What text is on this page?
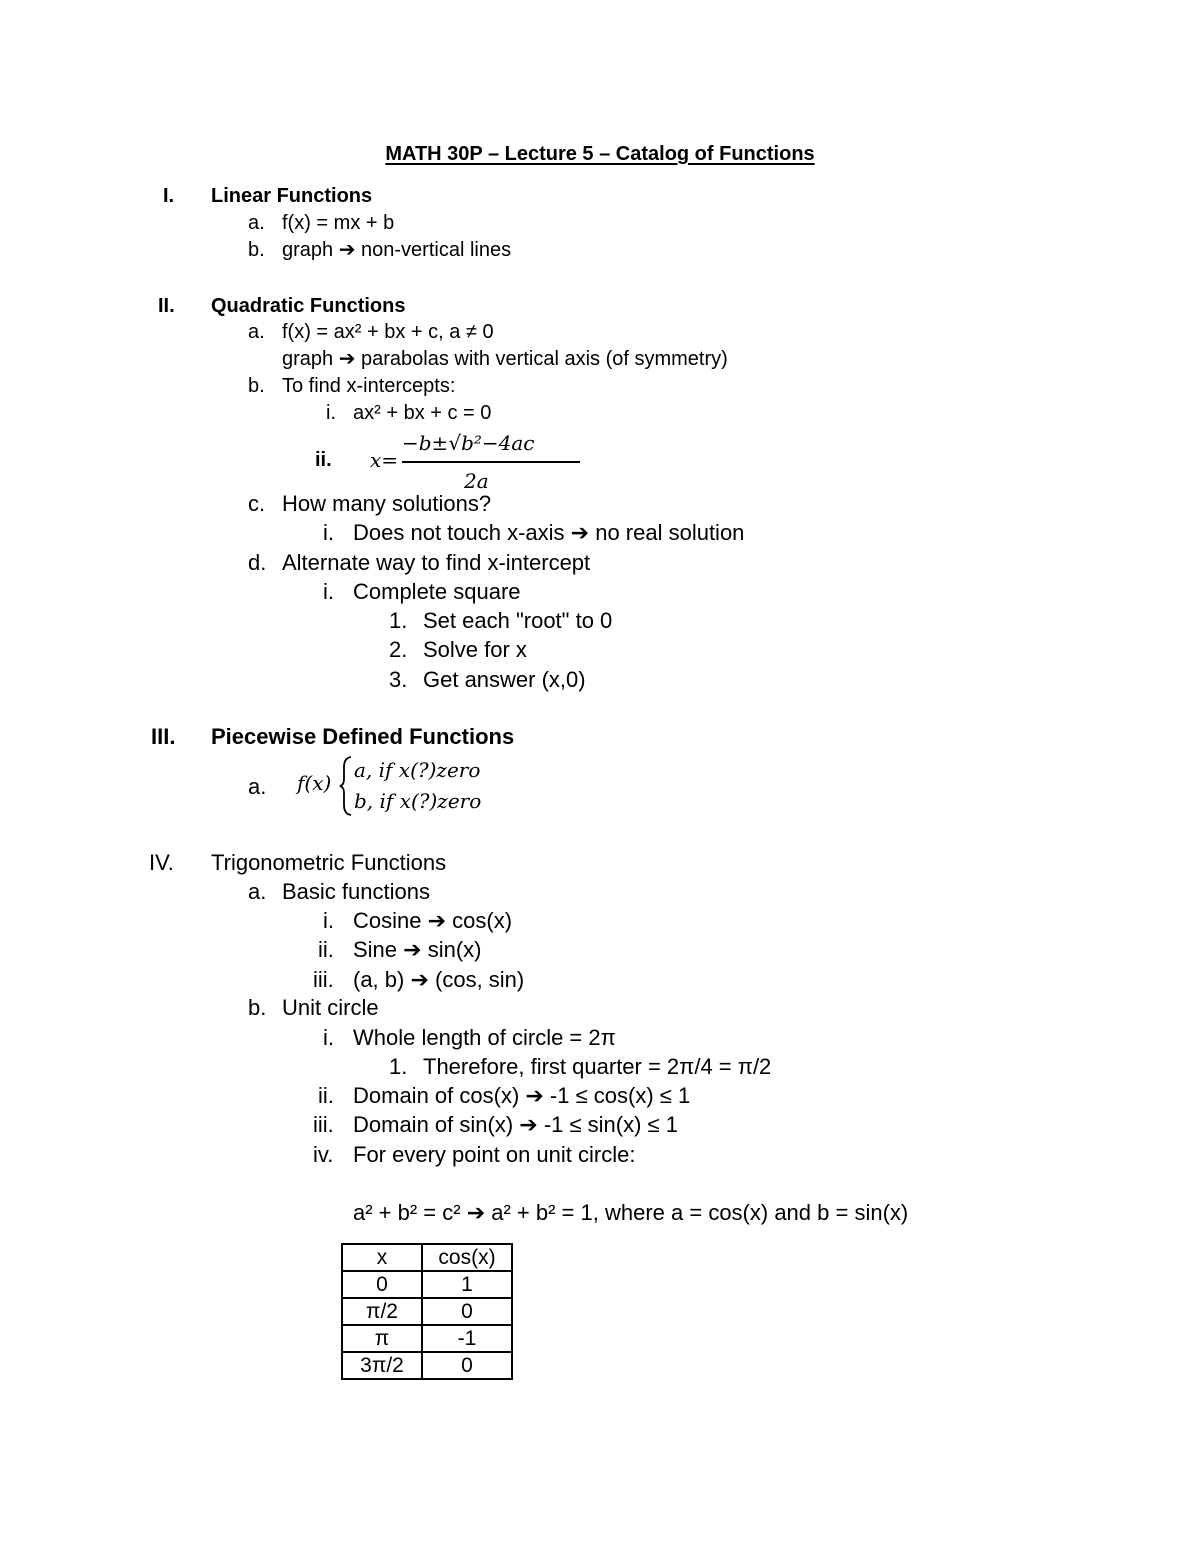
MATH 30P – Lecture 5 – Catalog of Functions
I. Linear Functions
a. f(x) = mx + b
b. graph ➔ non-vertical lines
II. Quadratic Functions
a. f(x) = ax² + bx + c, a ≠ 0
graph ➔ parabolas with vertical axis (of symmetry)
b. To find x-intercepts:
i. ax² + bx + c = 0
ii. x=
−b±√b²−4ac
2a
c. How many solutions?
i. Does not touch x-axis ➔ no real solution
d. Alternate way to find x-intercept
i. Complete square
1. Set each "root" to 0
2. Solve for x
3. Get answer (x,0)
III. Piecewise Defined Functions
a. f(x)
a, if x(?)zero
b, if x(?)zero
IV. Trigonometric Functions
a. Basic functions
i. Cosine ➔ cos(x)
ii. Sine ➔ sin(x)
iii. (a, b) ➔ (cos, sin)
b. Unit circle
i. Whole length of circle = 2π
1. Therefore, first quarter = 2π/4 = π/2
ii. Domain of cos(x) ➔ -1 ≤ cos(x) ≤ 1
iii. Domain of sin(x) ➔ -1 ≤ sin(x) ≤ 1
iv. For every point on unit circle:
a² + b² = c² ➔ a² + b² = 1, where a = cos(x) and b = sin(x)
x	cos(x)
0	1
π/2	0
π	-1
3π/2	0
